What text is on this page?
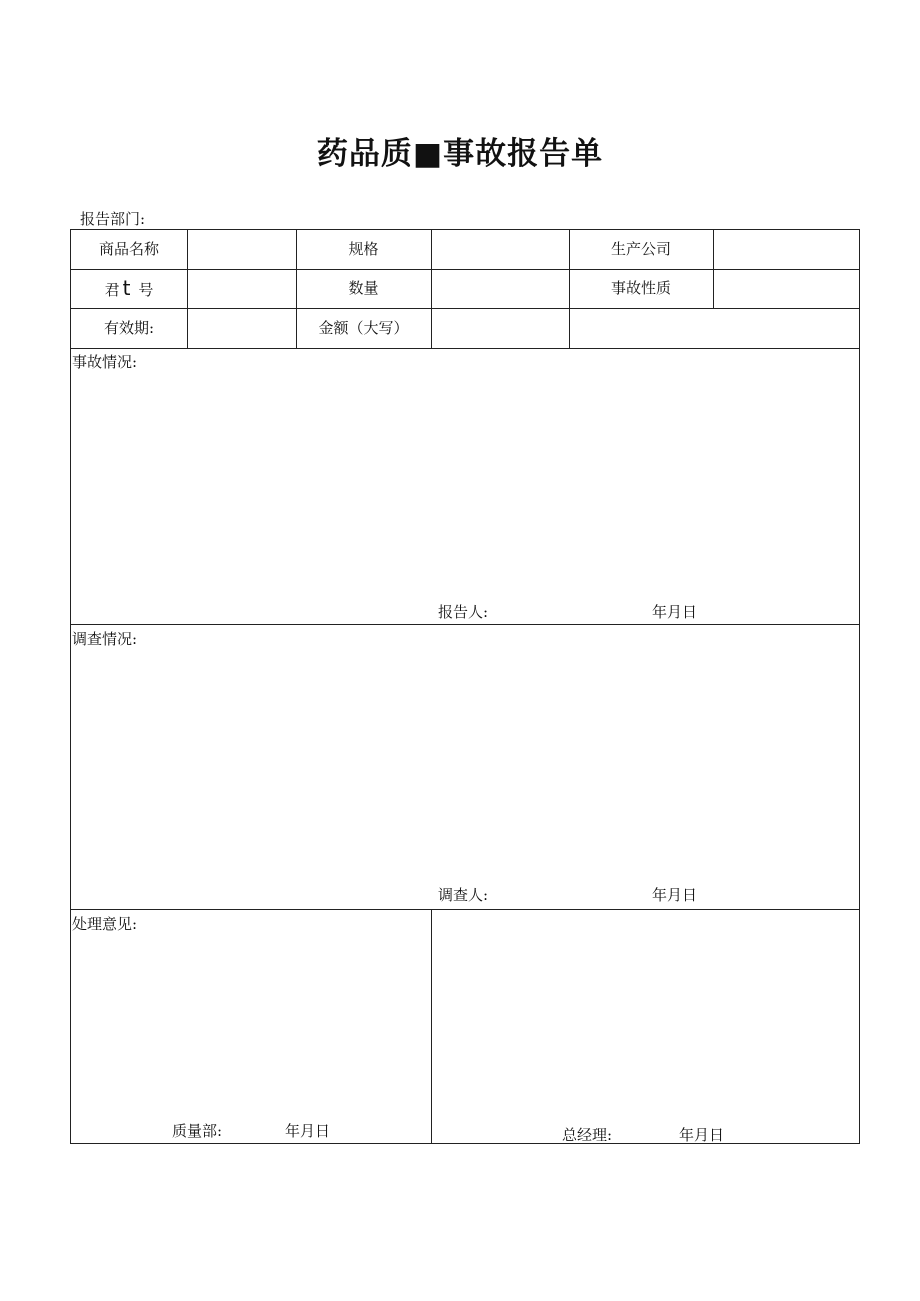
药品质■事故报告单
报告部门:
商品名称	规格	生产公司
君 t 号	数量	事故性质
有效期:	金额（大写）
事故情况:
报告人:	年月日
调查情况:
调查人:	年月日
处理意见:
质量部:	年月日	总经理:	年月日
